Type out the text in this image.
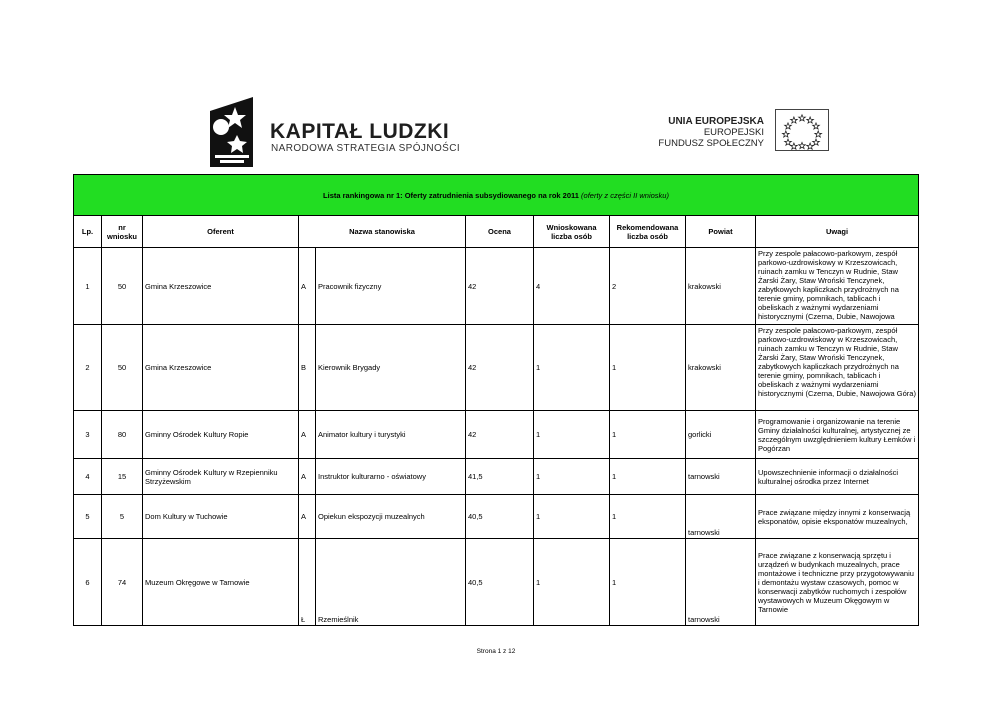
KAPITAŁ LUDZKI
NARODOWA STRATEGIA SPÓJNOŚCI
UNIA EUROPEJSKA
EUROPEJSKI
FUNDUSZ SPOŁECZNY
Lista rankingowa nr 1: Oferty zatrudnienia subsydiowanego na rok 2011 (oferty z części II wniosku)									
Lp.	nr wniosku	Oferent	Nazwa stanowiska		Ocena	Wnioskowana liczba osób	Rekomendowana liczba osób	Powiat	Uwagi
1	50	Gmina Krzeszowice	A	Pracownik fizyczny	42	4	2	krakowski	Przy zespole pałacowo-parkowym, zespół parkowo-uzdrowiskowy w Krzeszowicach, ruinach zamku w Tenczyn w Rudnie, Staw Żarski Żary, Staw Wroński Tenczynek, zabytkowych kapliczkach przydrożnych na terenie gminy, pomnikach, tablicach i obeliskach z ważnymi wydarzeniami historycznymi (Czerna, Dubie, Nawojowa
2	50	Gmina Krzeszowice	B	Kierownik Brygady	42	1	1	krakowski	Przy zespole pałacowo-parkowym, zespół parkowo-uzdrowiskowy w Krzeszowicach, ruinach zamku w Tenczyn w Rudnie, Staw Żarski Żary, Staw Wroński Tenczynek, zabytkowych kapliczkach przydrożnych na terenie gminy, pomnikach, tablicach i obeliskach z ważnymi wydarzeniami historycznymi (Czerna, Dubie, Nawojowa Góra)
3	80	Gminny Ośrodek Kultury Ropie	A	Animator kultury i turystyki	42	1	1	gorlicki	Programowanie i organizowanie na terenie Gminy działalności kulturalnej, artystycznej ze szczególnym uwzględnieniem kultury Łemków i Pogórzan
4	15	Gminny Ośrodek Kultury w Rzepienniku Strzyżewskim	A	Instruktor kulturarno - oświatowy	41,5	1	1	tarnowski	Upowszechnienie informacji o działalności kulturalnej ośrodka przez Internet
5	5	Dom Kultury w Tuchowie	A	Opiekun ekspozycji muzealnych	40,5	1	1	tarnowski	Prace związane między innymi z konserwacją eksponatów, opisie eksponatów muzealnych,
6	74	Muzeum Okręgowe w Tarnowie	Ł	Rzemieślnik	40,5	1	1	tarnowski	Prace związane z konserwacją sprzętu i urządzeń w budynkach muzealnych, prace montażowe i techniczne przy przygotowywaniu i demontażu wystaw czasowych, pomoc w konserwacji zabytków ruchomych i zespołów wystawowych w Muzeum Okęgowym w Tarnowie
Strona 1 z 12
